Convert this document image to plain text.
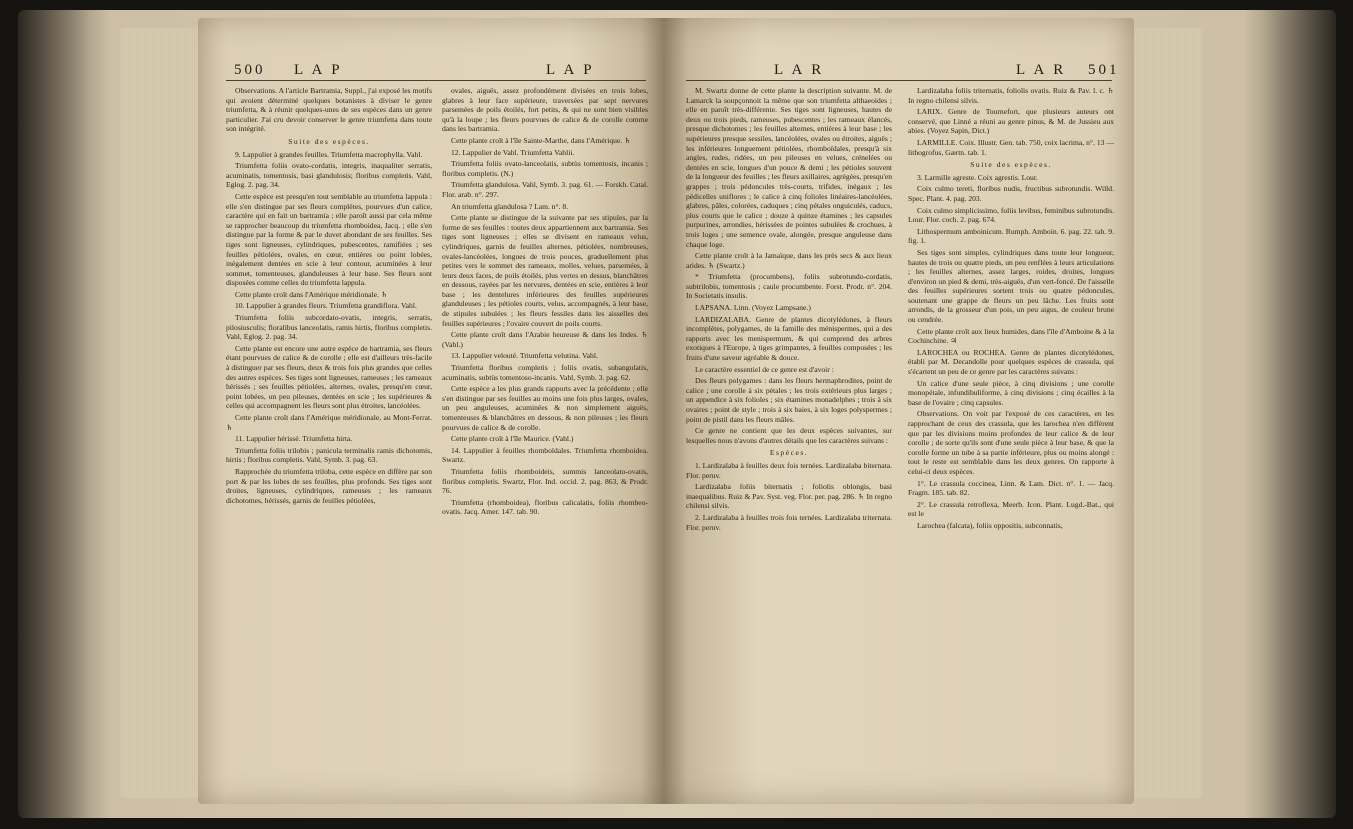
500 L A P	L A P

Observations. A l'article Bartramia, Suppl., j'ai exposé les motifs qui avoient déterminé quelques botanistes à diviser le genre triumfetta, & à réunir quelques-unes de ses espèces dans un genre particulier. J'ai cru devoir conserver le genre triumfetta dans toute son intégrité.

Suite des espèces.

9. Lappulier à grandes feuilles. Triumfetta macrophylla. Vahl.

Triumfetta foliis ovato-cordatis, integris, inaqualiter serratis, acuminatis, tomentosis, basi glandulosis; floribus completis. Vahl, Eglog. 2. pag. 34.

Cette espèce est presqu'en tout semblable au triumfetta lappula : elle s'en distingue par ses fleurs complètes, pourvues d'un calice, caractère qui en fait un bartramia ; elle paroît aussi par cela même se rapprocher beaucoup du triumfetta rhomboidea, Jacq. ; elle s'en distingue par la forme & par le duvet abondant de ses feuilles. Ses tiges sont ligneuses, cylindriques, pubescentes, ramifiées ; ses feuilles pétiolées, ovales, en cœur, entières ou point lobées, inégalement dentées en scie à leur contour, acuminées à leur sommet, tomenteuses, glanduleuses à leur base. Ses fleurs sont disposées comme celles du triumfetta lappula.

Cette plante croît dans l'Amérique méridionale. ♄

10. Lappulier à grandes fleurs. Triumfetta grandiflora. Vahl.

Triumfetta foliis subcordato-ovatis, integris, serratis, pilosiusculis; floralibus lanceolatis, ramis hirtis, floribus completis. Vahl, Eglog. 2. pag. 34.

Cette plante est encore une autre espèce de bartramia, ses fleurs étant pourvues de calice & de corolle ; elle est d'ailleurs très-facile à distinguer par ses fleurs, deux & trois fois plus grandes que celles des autres espèces. Ses tiges sont ligneuses, rameuses ; les rameaux hérissés ; ses feuilles pétiolées, alternes, ovales, presqu'en cœur, point lobées, un peu pileuses, dentées en scie ; les supérieures & celles qui accompagnent les fleurs sont plus étroites, lancéolées.

Cette plante croît dans l'Amérique méridionale, au Mont-Ferrat. ♄

11. Lappulier hérissé. Triumfetta hirta.

Triumfetta foliis trilobis ; panicula terminalis ramis dichotomis, hirtis ; floribus completis. Vahl, Symb. 3. pag. 63.

Rapprochée du triumfetta triloba, cette espèce en diffère par son port & par les lobes de ses feuilles, plus profonds. Ses tiges sont droites, ligneuses, cylindriques, rameuses ; les rameaux dichotomes, hérissés, garnis de feuilles pétiolées,

ovales, aiguës, assez profondément divisées en trois lobes, glabres à leur face supérieure, traversées par sept nervures parsemées de poils étoilés, fort petits, & qui ne sont bien visibles qu'à la loupe ; les fleurs pourvues de calice & de corolle comme dans les bartramia.

Cette plante croît à l'île Sainte-Marthe, dans l'Amérique. ♄

12. Lappulier de Vahl. Triumfetta Vahlii.

Triumfetta foliis ovato-lanceolatis, subtùs tomentosis, incanis ; floribus completis. (N.)

Triumfetta glandulosa. Vahl, Symb. 3. pag. 61. — Forskh. Catal. Flor. arab. n°. 297.

An triumfetta glandulosa ? Lam. n°. 8.

Cette plante se distingue de la suivante par ses stipules, par la forme de ses feuilles : toutes deux appartiennent aux bartramia. Ses tiges sont ligneuses ; elles se divisent en rameaux velus, cylindriques, garnis de feuilles alternes, pétiolées, nombreuses, ovales-lancéolées, longues de trois pouces, graduellement plus petites vers le sommet des rameaux, molles, velues, parsemées, à leurs deux faces, de poils étoilés, plus vertes en dessus, blanchâtres en dessous, rayées par les nervures, dentées en scie, entières à leur base ; les dentelures inférieures des feuilles supérieures glanduleuses ; les pétioles courts, velus, accompagnés, à leur base, de stipules subulées ; les fleurs fessiles dans les aisselles des feuilles supérieures ; l'ovaire couvert de poils courts.

Cette plante croît dans l'Arabie heureuse & dans les Indes. ♄ (Vahl.)

13. Lappulier velouté. Triumfetta velutina. Vahl.

Triumfetta floribus completis ; foliis ovatis, subangulatis, acuminatis, subtùs tomentoso-incanis. Vahl, Symb. 3. pag. 62.

Cette espèce a les plus grands rapports avec la précédente ; elle s'en distingue par ses feuilles au moins une fois plus larges, ovales, un peu anguleuses, acuminées & non simplement aiguës, tomenteuses & blanchâtres en dessous, & non pileuses ; les fleurs pourvues de calice & de corolle.

Cette plante croît à l'île Maurice. (Vahl.)

14. Lappulier à feuilles rhomboïdales. Triumfetta rhomboidea. Swartz.

Triumfetta foliis rhomboideis, summis lanceolato-ovatis, floribus completis. Swartz, Flor. Ind. occid. 2. pag. 863, & Prodr. 76.

Triumfetta (rhomboidea), floribus calicalatis, foliis rhombeo-ovatis. Jacq. Amer. 147. tab. 90.

L A R	L A R 501

M. Swartz donne de cette plante la description suivante. M. de Lamarck la soupçonnoit la même que son triumfetta althaeoides ; elle en paroît très-différente. Ses tiges sont ligneuses, hautes de deux ou trois pieds, rameuses, pubescentes ; les rameaux élancés, presque dichotomes ; les feuilles alternes, entières à leur base ; les supérieures presque sessiles, lancéolées, ovales ou étroites, aiguës ; les inférieures longuement pétiolées, rhomboïdales, presqu'à six angles, rudes, ridées, un peu pileuses en velues, crénelées ou dentées en scie, longues d'un pouce & demi ; les pétioles souvent de la longueur des feuilles ; les fleurs axillaires, agrégées, presqu'en grappes ; trois pédoncules très-courts, trifides, inégaux ; les pédicelles uniflores ; le calice à cinq folioles linéaires-lancéolées, glabres, pâles, colorées, caduques ; cinq pétales onguiculés, caducs, plus courts que le calice ; douze à quinze étamines ; les capsules purpurines, arrondies, hérissées de pointes subulées & crochues, à trois loges ; une semence ovale, alongée, presque anguleuse dans chaque loge.

Cette plante croît à la Jamaïque, dans les prés secs & aux lieux arides. ♄ (Swartz.)

* Triumfetta (procumbens), foliis subrotundo-cordatis, subtrilobis, tomentosis ; caule procumbente. Forst. Prodr. n°. 204. In Societatis insulis.

LAPSANA. Linn. (Voyez Lampsane.)

LARDIZALABA. Genre de plantes dicotylédones, à fleurs incomplètes, polygames, de la famille des ménispermes, qui a des rapports avec les menispermum, & qui comprend des arbres exotiques à l'Europe, à tiges grimpantes, à feuilles composées ; les fruits d'une saveur agréable & douce.

Le caractère essentiel de ce genre est d'avoir :

Des fleurs polygames : dans les fleurs hermaphrodites, point de calice ; une corolle à six pétales ; les trois extérieurs plus larges ; un appendice à six folioles ; six étamines monadelphes ; trois à six ovaires ; point de style ; trois à six baies, à six loges polyspermes ; point de pistil dans les fleurs mâles.

Ce genre ne contient que les deux espèces suivantes, sur lesquelles nous n'avons d'autres détails que les caractères suivans :

Espèces.

1. Lardizalaba à feuilles deux fois ternées. Lardizalaba biternata. Flor. peruv.

Lardizalaba foliis biternatis ; foliolis oblongis, basi inaequalibus. Ruiz & Pav. Syst. veg. Flor. per. pag. 286. ♄ In regno chilensi silvis.

2. Lardizalaba à feuilles trois fois ternées. Lardizalaba triternata. Flor. peruv.

Lardizalaba foliis triternatis, foliolis ovatis. Ruiz & Pav. l. c. ♄ In regno chilensi silvis.

LARIX. Genre de Tournefort, que plusieurs auteurs ont conservé, que Linné a réuni au genre pinus, & M. de Jussieu aux abies. (Voyez Sapin, Dict.)

LARMILLE. Coix. Illustr. Gen. tab. 750, coix lacrima, n°. 13 — lithogrofus, Gærtn. tab. 1.

Suite des espèces.

3. Larmille agreste. Coix agrestis. Lour.

Coix culmo tereti, floribus nudis, fructibus subrotundis. Willd. Spec. Plant. 4. pag. 203.

Coix culmo simplicissimo, foliis levibus, feminibus subrotundis. Lour. Flor. coch. 2. pag. 674.

Lithospermum amboinicum. Rumph. Amboin. 6. pag. 22. tab. 9. fig. 1.

Ses tiges sont simples, cylindriques dans toute leur longueur, hautes de trois ou quatre pieds, un peu renflées à leurs articulations ; les feuilles alternes, assez larges, roides, droites, longues d'environ un pied & demi, très-aiguës, d'un vert-foncé. De l'aisselle des feuilles supérieures sortent trois ou quatre pédoncules, soutenant une grappe de fleurs un peu lâche. Les fruits sont arrondis, de la grosseur d'un pois, un peu aigus, de couleur brune ou cendrée.

Cette plante croît aux lieux humides, dans l'île d'Amboine & à la Cochinchine. ♃

LAROCHEA ou ROCHEA. Genre de plantes dicotylédones, établi par M. Decandolle pour quelques espèces de crassula, qui s'écartent un peu de ce genre par les caractères suivans :

Un calice d'une seule pièce, à cinq divisions ; une corolle monopétale, infundibuliforme, à cinq divisions ; cinq écailles à la base de l'ovaire ; cinq capsules.

Observations. On voit par l'exposé de ces caractères, en les rapprochant de ceux des crassula, que les larochea n'en diffèrent que par les divisions moins profondes de leur calice & de leur corolle ; de sorte qu'ils sont d'une seule pièce à leur base, & que la corolle forme un tube à sa partie inférieure, plus ou moins alongé : tout le reste est semblable dans les deux genres. On rapporte à celui-ci deux espèces.

1°. Le crassula coccinea, Linn. & Lam. Dict. n°. 1. — Jacq. Fragm. 185. tab. 82.

2°. Le crassula retroflexa, Meerb. Icon. Plant. Lugd.-Bat., qui est le

Larochea (falcata), foliis oppositis, subconnatis,
